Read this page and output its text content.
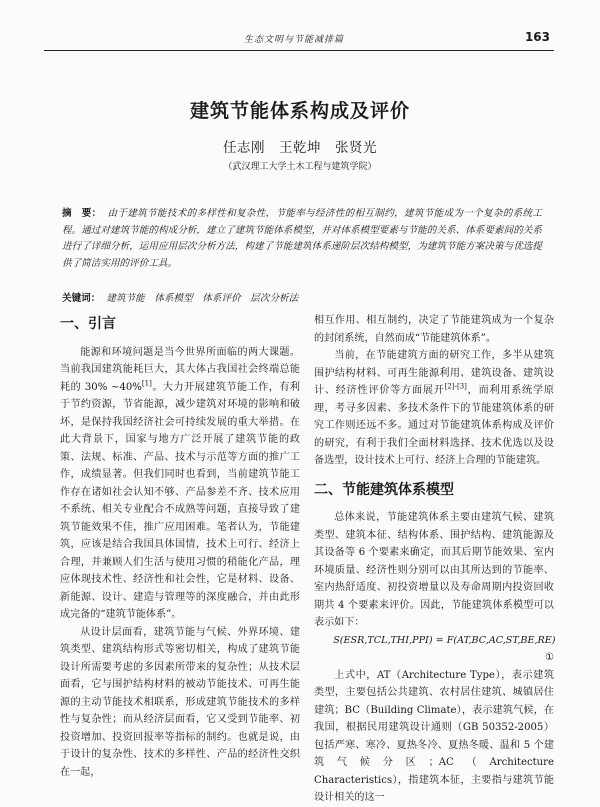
生态文明与节能减排篇	163
建筑节能体系构成及评价
任志刚　王乾坤　张贤光
（武汉理工大学土木工程与建筑学院）
摘　要： 由于建筑节能技术的多样性和复杂性，节能率与经济性的相互制约，建筑节能成为一个复杂的系统工程。通过对建筑节能的构成分析，建立了建筑节能体系模型，并对体系模型要素与节能的关系、体系要素间的关系进行了详细分析，运用应用层次分析方法，构建了节能建筑体系递阶层次结构模型，为建筑节能方案决策与优选提供了简洁实用的评价工具。
关键词： 建筑节能　体系模型　体系评价　层次分析法
一、引言

能源和环境问题是当今世界所面临的两大课题。当前我国建筑能耗巨大，其大体占我国社会终端总能耗的 30% ~40%[1]。大力开展建筑节能工作，有利于节约资源，节省能源，减少建筑对环境的影响和破坏，是保持我国经济社会可持续发展的重大举措。在此大背景下，国家与地方广泛开展了建筑节能的政策、法规、标准、产品、技术与示范等方面的推广工作，成绩显著。但我们同时也看到，当前建筑节能工作存在诸如社会认知不够、产品参差不齐、技术应用不系统、相关专业配合不成熟等问题，直接导致了建筑节能效果不佳，推广应用困难。笔者认为，节能建筑，应该是结合我国具体国情，技术上可行、经济上合理，并兼顾人们生活与使用习惯的稍能化产品，理应体现技术性、经济性和社会性，它是材料、设备、新能源、设计、建造与管理等的深度融合，并由此形成完备的“建筑节能体系”。

从设计层面看，建筑节能与气候、外界环境、建筑类型、建筑结构形式等密切相关，构成了建筑节能设计所需要考虑的多因素所带来的复杂性；从技术层面看，它与围护结构材料的被动节能技术、可再生能源的主动节能技术相联系，形成建筑节能技术的多样性与复杂性；而从经济层面看，它又受到节能率、初投资增加、投资回报率等指标的制约。也就是说，由于设计的复杂性、技术的多样性、产品的经济性交织在一起，

相互作用、相互制约，决定了节能建筑成为一个复杂的封闭系统，自然而成“节能建筑体系”。

当前，在节能建筑方面的研究工作，多半从建筑围护结构材料、可再生能源利用、建筑设备、建筑设计、经济性评价等方面展开[2]-[3]，而利用系统学原理，考寻多因素、多技术条件下的节能建筑体系的研究工作则还远不多。通过对节能建筑体系构成及评价的研究，有利于我们全面材料选择、技术优选以及设备选型，设计技术上可行、经济上合理的节能建筑。

二、节能建筑体系模型

总体来说，节能建筑体系主要由建筑气候、建筑类型、建筑本征、结构体系、围护结构、建筑能源及其设备等 6 个要素来确定，而其后期节能效果、室内环境质量、经济性则分别可以由其所达到的节能率、室内热舒适度、初投资增量以及寿命周期内投资回收期共 4 个要素来评价。因此，节能建筑体系模型可以表示如下：

S(ESR,TCL,THI,PPI) = F(AT,BC,AC,ST,BE,RE)

①

上式中，AT（Architecture Type），表示建筑类型，主要包括公共建筑、农村居住建筑、城镇居住建筑；BC（Building Climate），表示建筑气候，在我国，根据民用建筑设计通则（GB 50352-2005）包括严寒、寒冷、夏热冬冷、夏热冬暖、温和 5 个建筑气候分区；AC（Architecture Characteristics），指建筑本征，主要指与建筑节能设计相关的这一
